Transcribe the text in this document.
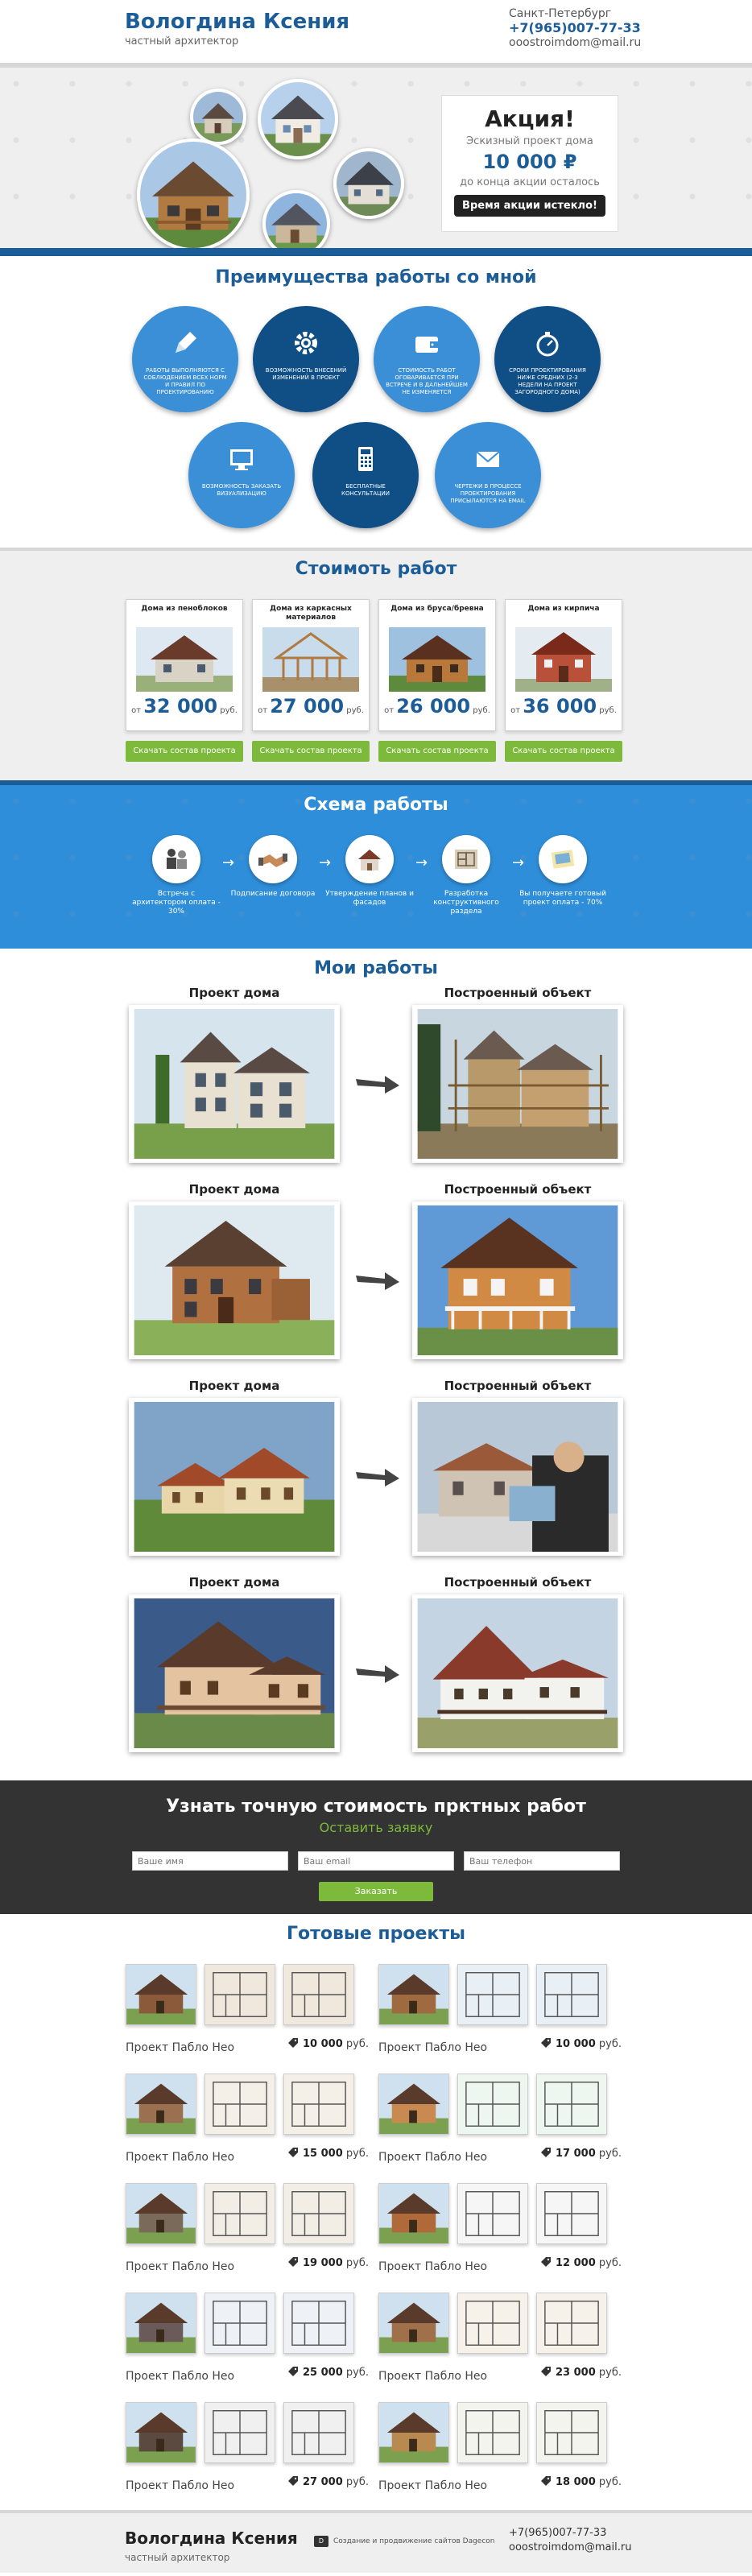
Вологдина Ксения
частный архитектор
Санкт-Петербург
+7(965)007-77-33
ooostroimdom@mail.ru
Акция!
Эскизный проект дома
10 000 ₽
до конца акции осталось
Время акции истекло!
Преимущества работы со мной
РАБОТЫ ВЫПОЛНЯЮТСЯ С СОБЛЮДЕНИЕМ ВСЕХ НОРМ И ПРАВИЛ ПО ПРОЕКТИРОВАНИЮ
ВОЗМОЖНОСТЬ ВНЕСЕНИЙ ИЗМЕНЕНИЙ В ПРОЕКТ
СТОИМОСТЬ РАБОТ ОГОВАРИВАЕТСЯ ПРИ ВСТРЕЧЕ И В ДАЛЬНЕЙШЕМ НЕ ИЗМЕНЯЕТСЯ
СРОКИ ПРОЕКТИРОВАНИЯ НИЖЕ СРЕДНИХ (2-3 НЕДЕЛИ НА ПРОЕКТ ЗАГОРОДНОГО ДОМА)
ВОЗМОЖНОСТЬ ЗАКАЗАТЬ ВИЗУАЛИЗАЦИЮ
БЕСПЛАТНЫЕ КОНСУЛЬТАЦИИ
ЧЕРТЕЖИ В ПРОЦЕССЕ ПРОЕКТИРОВАНИЯ ПРИСЫЛАЮТСЯ НА EMAIL
Стоимоть работ
Дома из пеноблоков
от 32 000 руб.
Дома из каркасных материалов
от 27 000 руб.
Дома из бруса/бревна
от 26 000 руб.
Дома из кирпича
от 36 000 руб.
Скачать состав проекта	Скачать состав проекта	Скачать состав проекта	Скачать состав проекта
Схема работы
Встреча с архитектором оплата - 30%
→
Подписание договора
→
Утверждение планов и фасадов
→
Разработка конструктивного раздела
→
Вы получаете готовый проект оплата - 70%
Мои работы
Проект дома	Построенный объект
Проект дома	Построенный объект
Проект дома	Построенный объект
Проект дома	Построенный объект
Узнать точную стоимость прктных работ
Оставить заявку
Ваше имя
Ваш email
Ваш телефон
Заказать
Готовые проекты
Проект Пабло Нео	10 000 руб. Проект Пабло Нео	10 000 руб.
Проект Пабло Нео	15 000 руб. Проект Пабло Нео	17 000 руб.
Проект Пабло Нео	19 000 руб. Проект Пабло Нео	12 000 руб.
Проект Пабло Нео	25 000 руб. Проект Пабло Нео	23 000 руб.
Проект Пабло Нео	27 000 руб. Проект Пабло Нео	18 000 руб.
Вологдина Ксения
частный архитектор
D Создание и продвижение сайтов Dagecon
+7(965)007-77-33
ooostroimdom@mail.ru
